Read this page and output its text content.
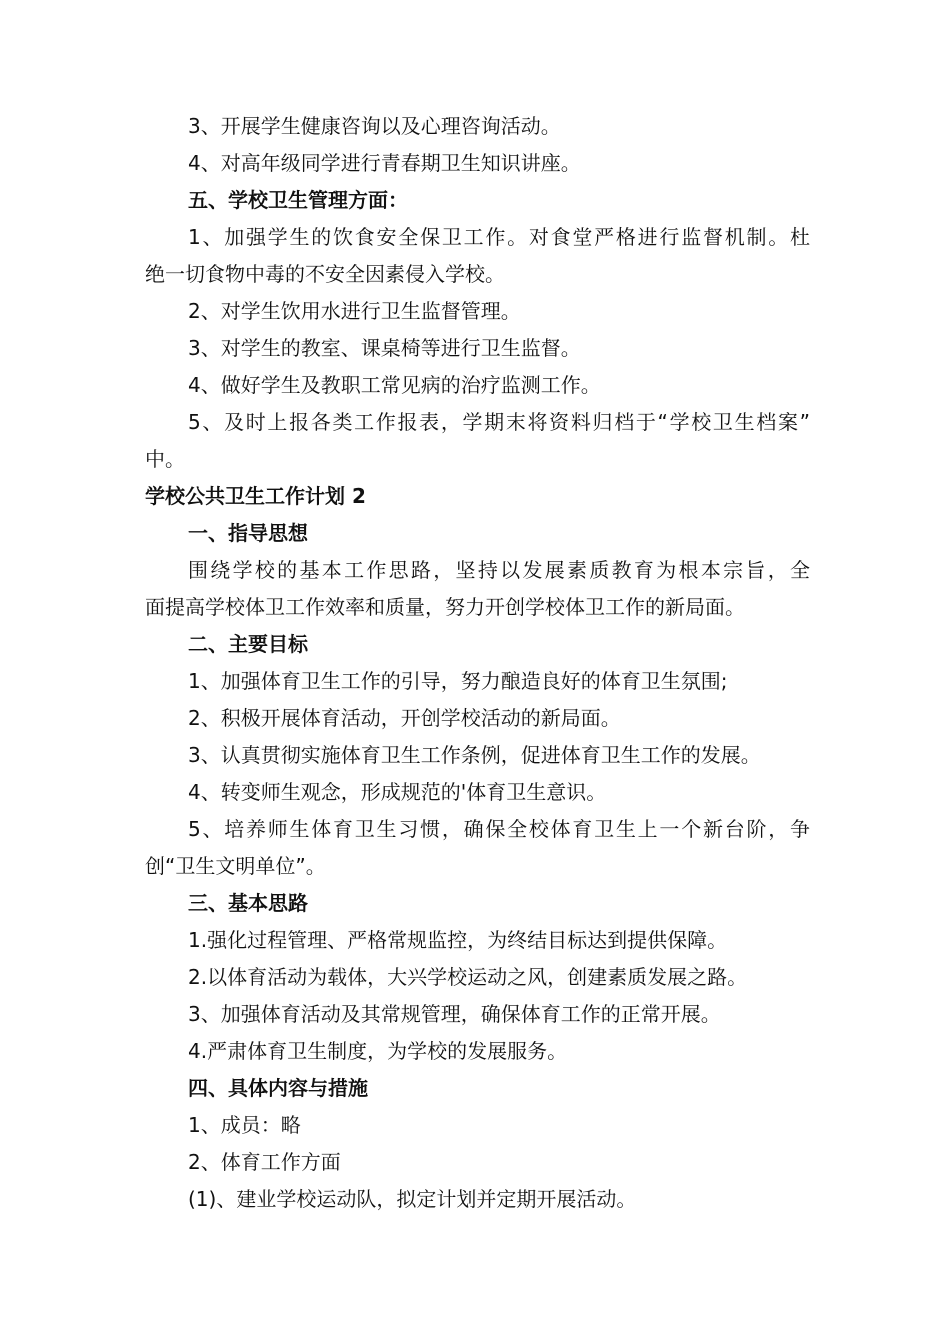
3、开展学生健康咨询以及心理咨询活动。
4、对高年级同学进行青春期卫生知识讲座。
五、学校卫生管理方面：
1、加强学生的饮食安全保卫工作。对食堂严格进行监督机制。杜
绝一切食物中毒的不安全因素侵入学校。
2、对学生饮用水进行卫生监督管理。
3、对学生的教室、课桌椅等进行卫生监督。
4、做好学生及教职工常见病的治疗监测工作。
5、及时上报各类工作报表，学期末将资料归档于“学校卫生档案”
中。
学校公共卫生工作计划 2
一、指导思想
围绕学校的基本工作思路，坚持以发展素质教育为根本宗旨，全
面提高学校体卫工作效率和质量，努力开创学校体卫工作的新局面。
二、主要目标
1、加强体育卫生工作的引导，努力酿造良好的体育卫生氛围;
2、积极开展体育活动，开创学校活动的新局面。
3、认真贯彻实施体育卫生工作条例，促进体育卫生工作的发展。
4、转变师生观念，形成规范的'体育卫生意识。
5、培养师生体育卫生习惯，确保全校体育卫生上一个新台阶，争
创“卫生文明单位”。
三、基本思路
1.强化过程管理、严格常规监控，为终结目标达到提供保障。
2.以体育活动为载体，大兴学校运动之风，创建素质发展之路。
3、加强体育活动及其常规管理，确保体育工作的正常开展。
4.严肃体育卫生制度，为学校的发展服务。
四、具体内容与措施
1、成员：略
2、体育工作方面
(1)、建业学校运动队，拟定计划并定期开展活动。
